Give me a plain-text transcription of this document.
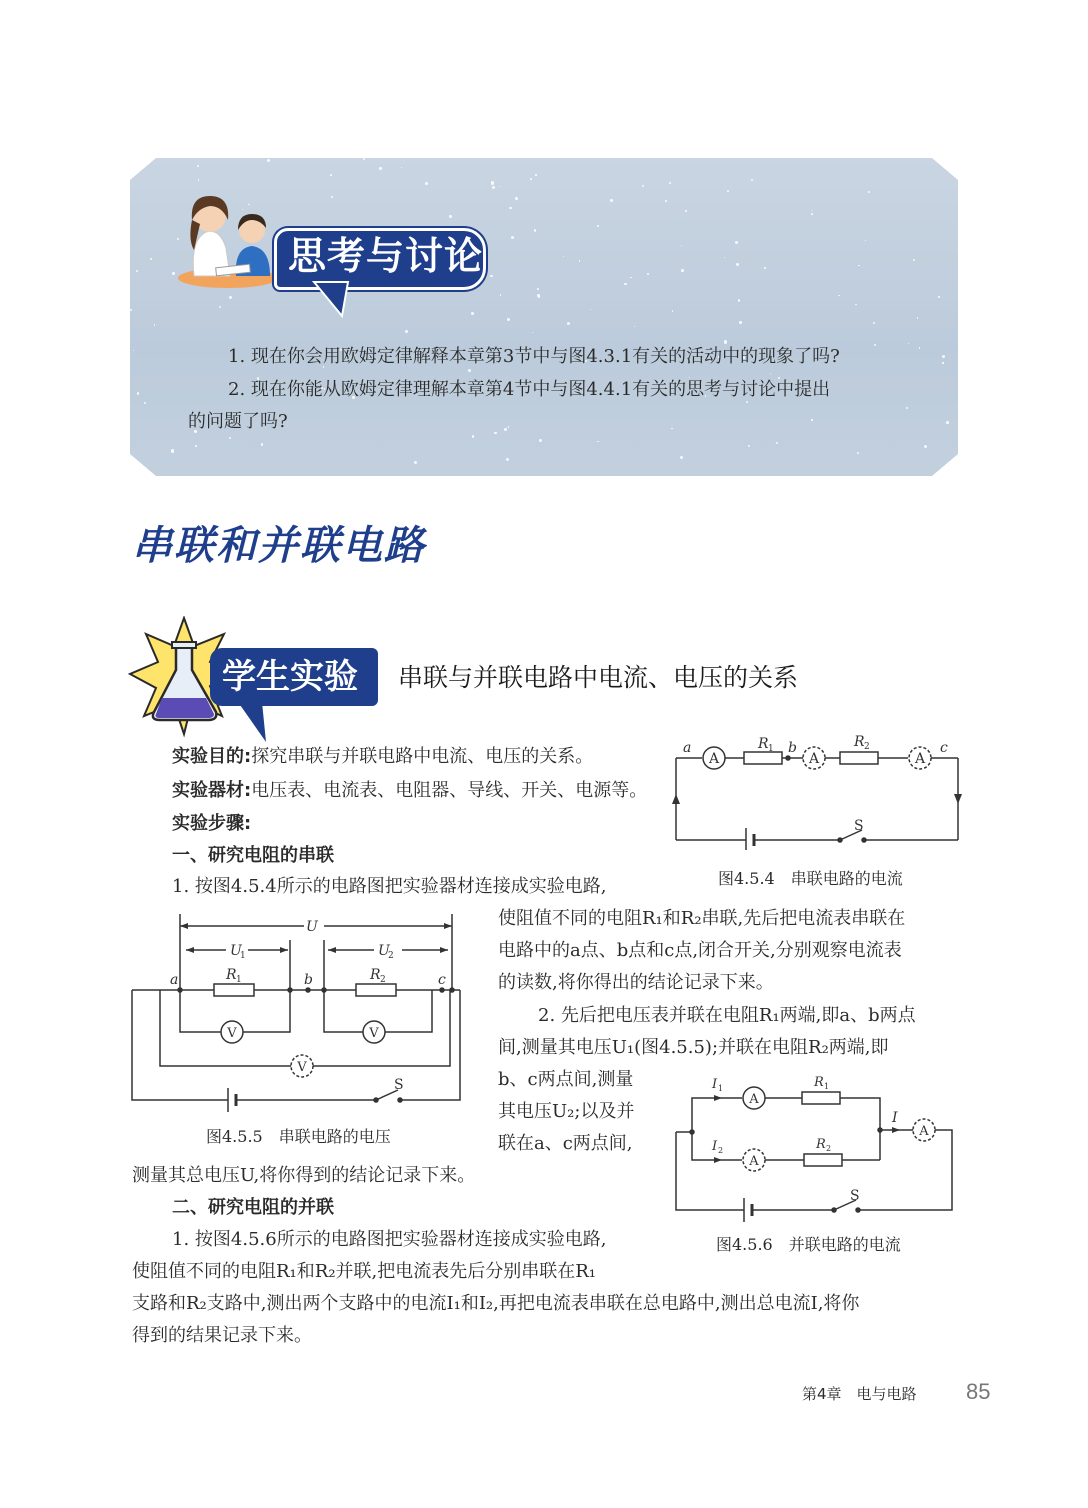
思考与讨论
1. 现在你会用欧姆定律解释本章第3节中与图4.3.1有关的活动中的现象了吗?
2. 现在你能从欧姆定律理解本章第4节中与图4.4.1有关的思考与讨论中提出
的问题了吗?
串联和并联电路
学生实验 串联与并联电路中电流、电压的关系
实验目的:探究串联与并联电路中电流、电压的关系。
实验器材:电压表、电流表、电阻器、导线、开关、电源等。
实验步骤:
一、研究电阻的串联
1. 按图4.5.4所示的电路图把实验器材连接成实验电路,
使阻值不同的电阻R₁和R₂串联,先后把电流表串联在
电路中的a点、b点和c点,闭合开关,分别观察电流表
的读数,将你得出的结论记录下来。
2. 先后把电压表并联在电阻R₁两端,即a、b两点
间,测量其电压U₁(图4.5.5);并联在电阻R₂两端,即
b、c两点间,测量
其电压U₂;以及并
联在a、c两点间,
测量其总电压U,将你得到的结论记录下来。
二、研究电阻的并联
1. 按图4.5.6所示的电路图把实验器材连接成实验电路,
使阻值不同的电阻R₁和R₂并联,把电流表先后分别串联在R₁
支路和R₂支路中,测出两个支路中的电流I₁和I₂,再把电流表串联在总电路中,测出总电流I,将你
得到的结果记录下来。
A	A	A
a	R 1 b	R 2	c
S
图4.5.4　串联电路的电流
U
U
1	U
2
a	R 1	b	R 2	c
V	V
V
S
图4.5.5　串联电路的电压
A
A
A
I 1	R 1
I 2	R 2
I
S
图4.5.6　并联电路的电流
第4章　电与电路 85
